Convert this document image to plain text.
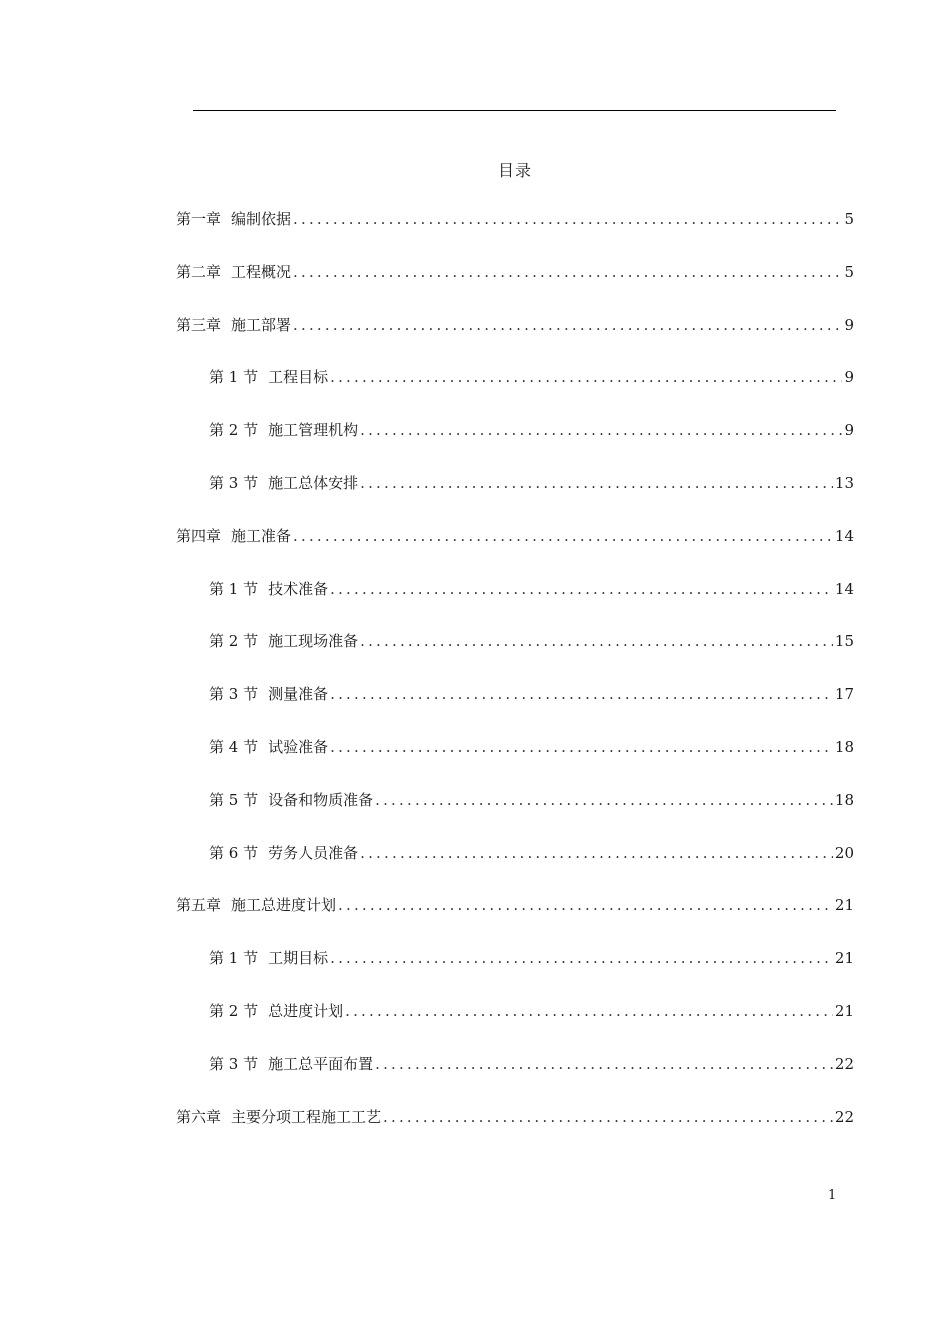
目录
第一章 编制依据 .....	5
第二章 工程概况 .....	5
第三章 施工部署 .....	9
第 1 节 工程目标 .....	9
第 2 节 施工管理机构 .....	9
第 3 节 施工总体安排 .....	13
第四章 施工准备 .....	14
第 1 节 技术准备 .....	14
第 2 节 施工现场准备 .....	15
第 3 节 测量准备 .....	17
第 4 节 试验准备 .....	18
第 5 节 设备和物质准备 .....	18
第 6 节 劳务人员准备 .....	20
第五章 施工总进度计划 .....	21
第 1 节 工期目标 .....	21
第 2 节 总进度计划 .....	21
第 3 节 施工总平面布置 .....	22
第六章 主要分项工程施工工艺 .....	22
1
